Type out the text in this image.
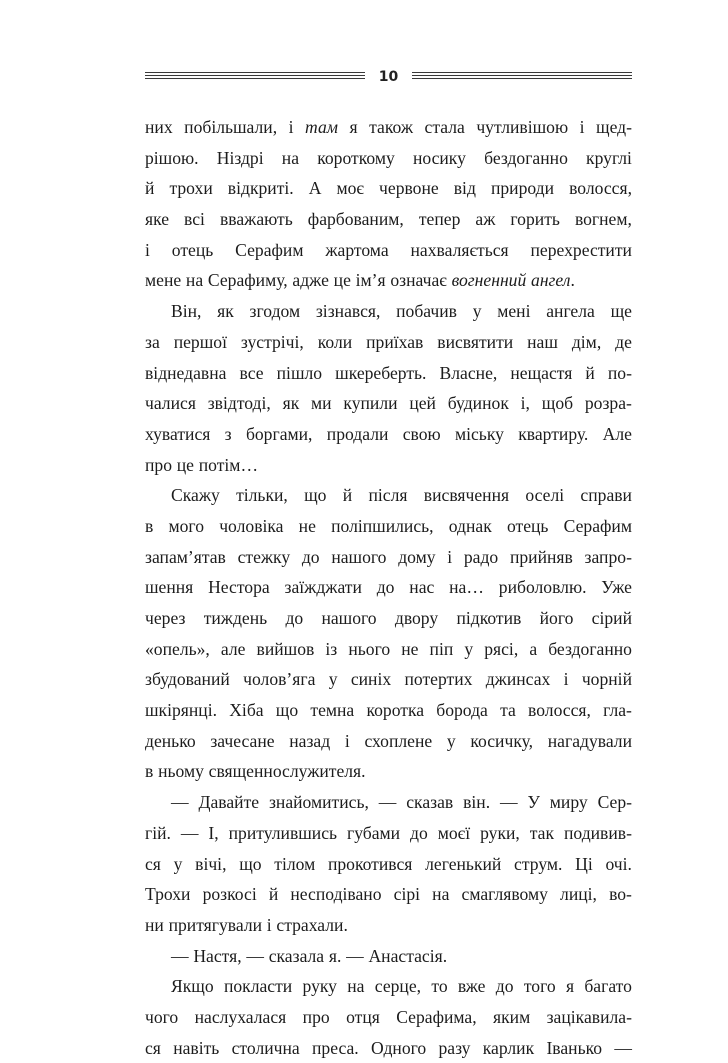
10
них побільшали, і там я також стала чутливішою і щед-
рішою. Ніздрі на короткому носику бездоганно круглі
й трохи відкриті. А моє червоне від природи волосся,
яке всі вважають фарбованим, тепер аж горить вогнем,
і отець Серафим жартома нахваляється перехрестити
мене на Серафиму, адже це ім’я означає вогненний ангел.
Він, як згодом зізнався, побачив у мені ангела ще
за першої зустрічі, коли приїхав висвятити наш дім, де
віднедавна все пішло шкереберть. Власне, нещастя й по-
чалися звідтоді, як ми купили цей будинок і, щоб розра-
хуватися з боргами, продали свою міську квартиру. Але
про це потім…
Скажу тільки, що й після висвячення оселі справи
в мого чоловіка не поліпшились, однак отець Серафим
запам’ятав стежку до нашого дому і радо прийняв запро-
шення Нестора заїжджати до нас на… риболовлю. Уже
через тиждень до нашого двору підкотив його сірий
«опель», але вийшов із нього не піп у рясі, а бездоганно
збудований чолов’яга у синіх потертих джинсах і чорній
шкірянці. Хіба що темна коротка борода та волосся, гла-
денько зачесане назад і схоплене у косичку, нагадували
в ньому священнослужителя.
— Давайте знайомитись, — сказав він. — У миру Сер-
гій. — І, притулившись губами до моєї руки, так подивив-
ся у вічі, що тілом прокотився легенький струм. Ці очі.
Трохи розкосі й несподівано сірі на смаглявому лиці, во-
ни притягували і страхали.
— Настя, — сказала я. — Анастасія.
Якщо покласти руку на серце, то вже до того я багато
чого наслухалася про отця Серафима, яким зацікавила-
ся навіть столична преса. Одного разу карлик Іванько —
